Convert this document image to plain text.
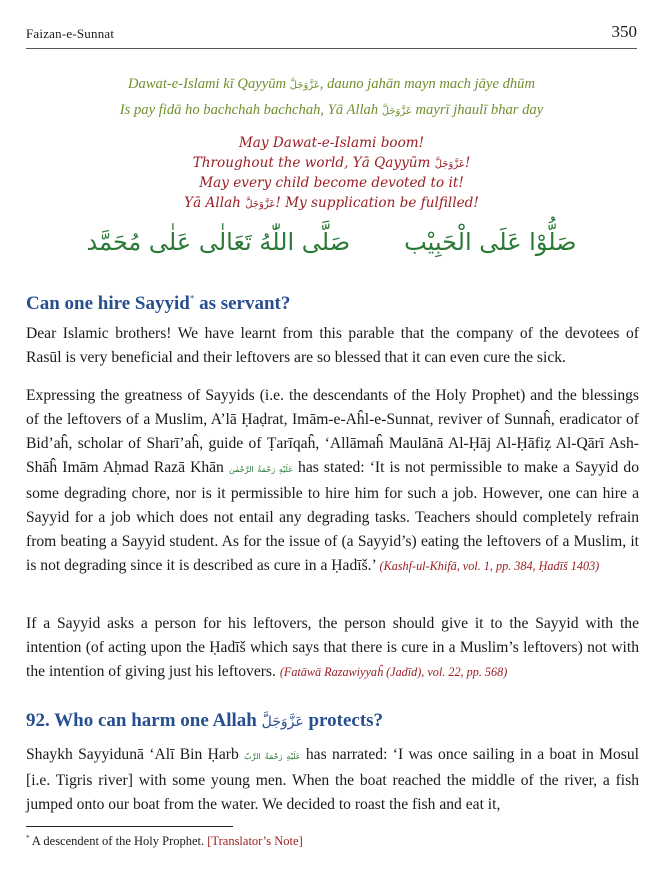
Faizan-e-Sunnat	350
Dawat-e-Islami kī Qayyūm عَزَّوَجَلَّ, dauno jahān mayn mach jāye dhūm
Is pay fidā ho bachchah bachchah, Yā Allah عَزَّوَجَلَّ mayrī jhaulī bhar day
May Dawat-e-Islami boom!
Throughout the world, Yā Qayyūm عَزَّوَجَلَّ!
May every child become devoted to it!
Yā Allah عَزَّوَجَلَّ! My supplication be fulfilled!
صَلُّوْا عَلَى الْحَبِيْب
صَلَّى اللّٰهُ تَعَالٰى عَلٰى مُحَمَّد
Can one hire Sayyid* as servant?

Dear Islamic brothers! We have learnt from this parable that the company of the devotees of Rasūl is very beneficial and their leftovers are so blessed that it can even cure the sick.

Expressing the greatness of Sayyids (i.e. the descendants of the Holy Prophet) and the blessings of the leftovers of a Muslim, A’lā Ḥaḍrat, Imām-e-Aĥl-e-Sunnat, reviver of Sunnaĥ, eradicator of Bid’aĥ, scholar of Sharī’aĥ, guide of Ṭarīqaĥ, ‘Allāmaĥ Maulānā Al-Ḥāj Al-Ḥāfiẓ Al-Qārī Ash-Shāĥ Imām Aḥmad Razā Khān عَلَيْهِ رَحْمَةُ الرَّحْمٰن has stated: ‘It is not permissible to make a Sayyid do some degrading chore, nor is it permissible to hire him for such a job. However, one can hire a Sayyid for a job which does not entail any degrading tasks. Teachers should completely refrain from beating a Sayyid student. As for the issue of (a Sayyid’s) eating the leftovers of a Muslim, it is not degrading since it is described as cure in a Ḥadīš.’ (Kashf-ul-Khifā, vol. 1, pp. 384, Ḥadīš 1403)

If a Sayyid asks a person for his leftovers, the person should give it to the Sayyid with the intention (of acting upon the Ḥadīš which says that there is cure in a Muslim’s leftovers) not with the intention of giving just his leftovers. (Fatāwā Razawiyyaĥ (Jadīd), vol. 22, pp. 568)

92. Who can harm one Allah عَزَّوَجَلَّ protects?

Shaykh Sayyidunā ‘Alī Bin Ḥarb عَلَيْهِ رَحْمَةُ الرَّبّ has narrated: ‘I was once sailing in a boat in Mosul [i.e. Tigris river] with some young men. When the boat reached the middle of the river, a fish jumped onto our boat from the water. We decided to roast the fish and eat it,

* A descendent of the Holy Prophet. [Translator’s Note]
